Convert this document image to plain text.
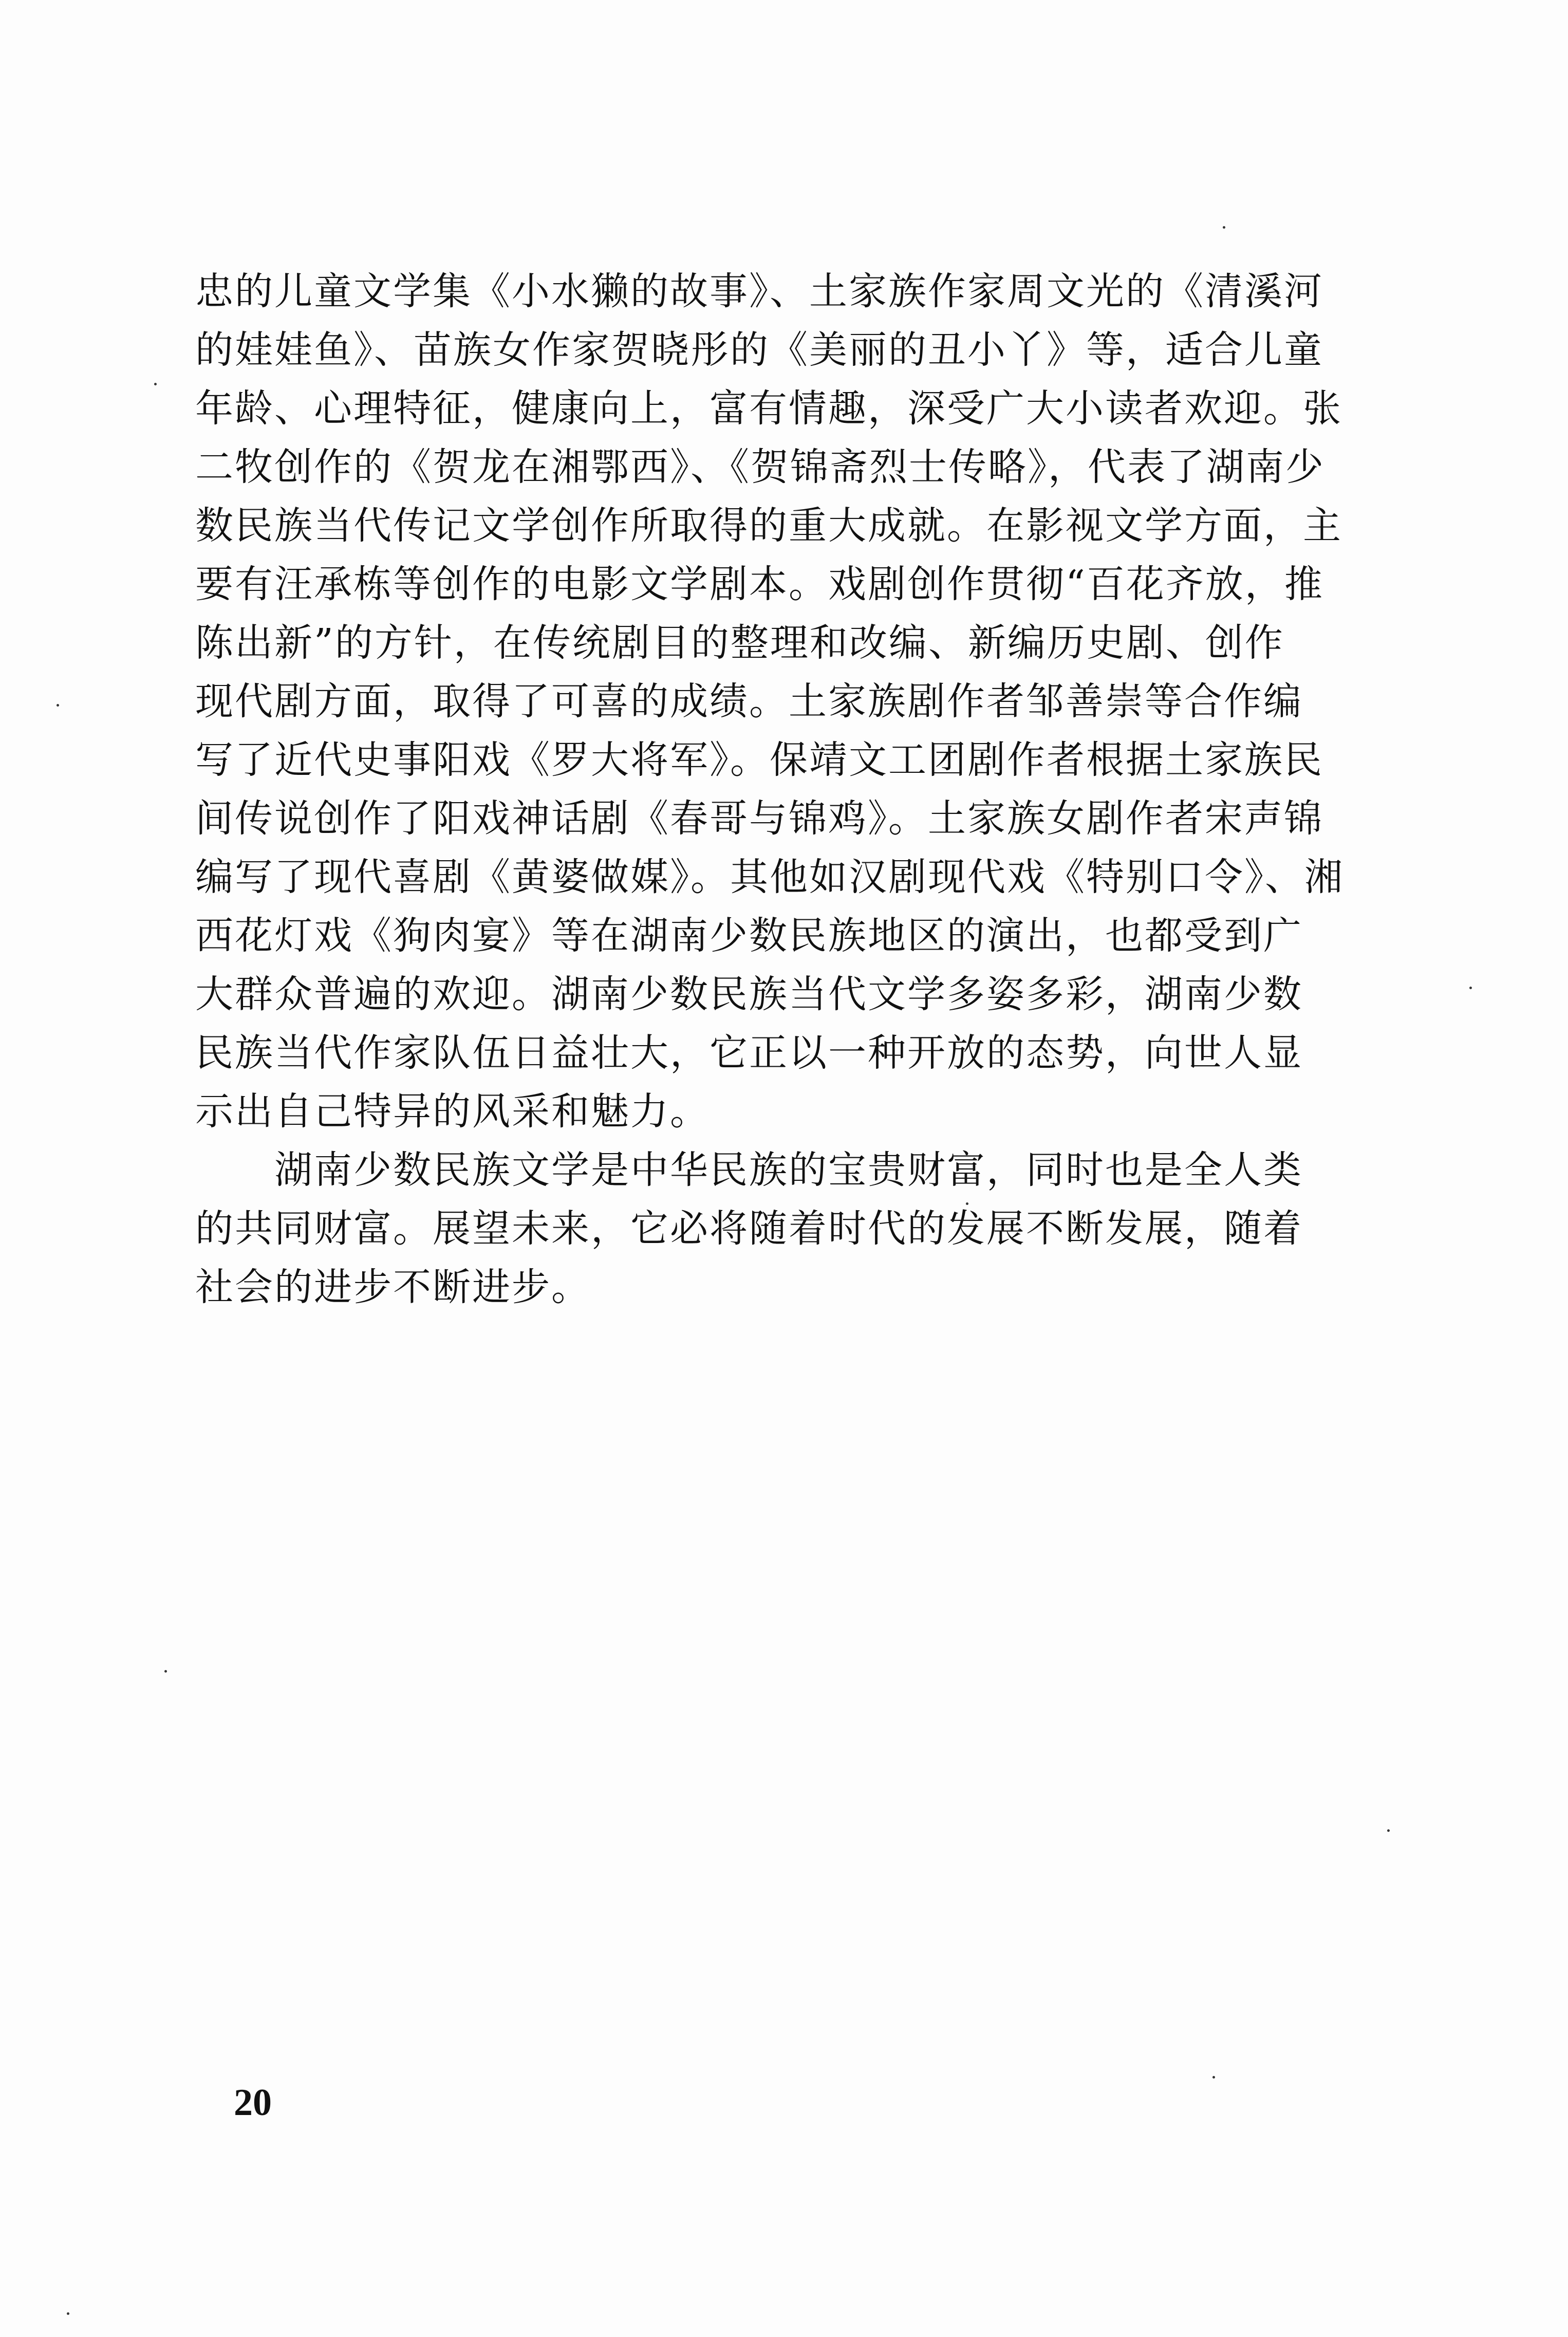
忠的儿童文学集《小水獭的故事》、土家族作家周文光的《清溪河
的娃娃鱼》、苗族女作家贺晓彤的《美丽的丑小丫》等，适合儿童
年龄、心理特征，健康向上，富有情趣，深受广大小读者欢迎。张
二牧创作的《贺龙在湘鄂西》、《贺锦斋烈士传略》，代表了湖南少
数民族当代传记文学创作所取得的重大成就。在影视文学方面，主
要有汪承栋等创作的电影文学剧本。戏剧创作贯彻“百花齐放，推
陈出新”的方针，在传统剧目的整理和改编、新编历史剧、创作
现代剧方面，取得了可喜的成绩。土家族剧作者邹善崇等合作编
写了近代史事阳戏《罗大将军》。保靖文工团剧作者根据土家族民
间传说创作了阳戏神话剧《春哥与锦鸡》。土家族女剧作者宋声锦
编写了现代喜剧《黄婆做媒》。其他如汉剧现代戏《特别口令》、湘
西花灯戏《狗肉宴》等在湖南少数民族地区的演出，也都受到广
大群众普遍的欢迎。湖南少数民族当代文学多姿多彩，湖南少数
民族当代作家队伍日益壮大，它正以一种开放的态势，向世人显
示出自己特异的风采和魅力。
　　湖南少数民族文学是中华民族的宝贵财富，同时也是全人类
的共同财富。展望未来，它必将随着时代的发展不断发展，随着
社会的进步不断进步。
20
